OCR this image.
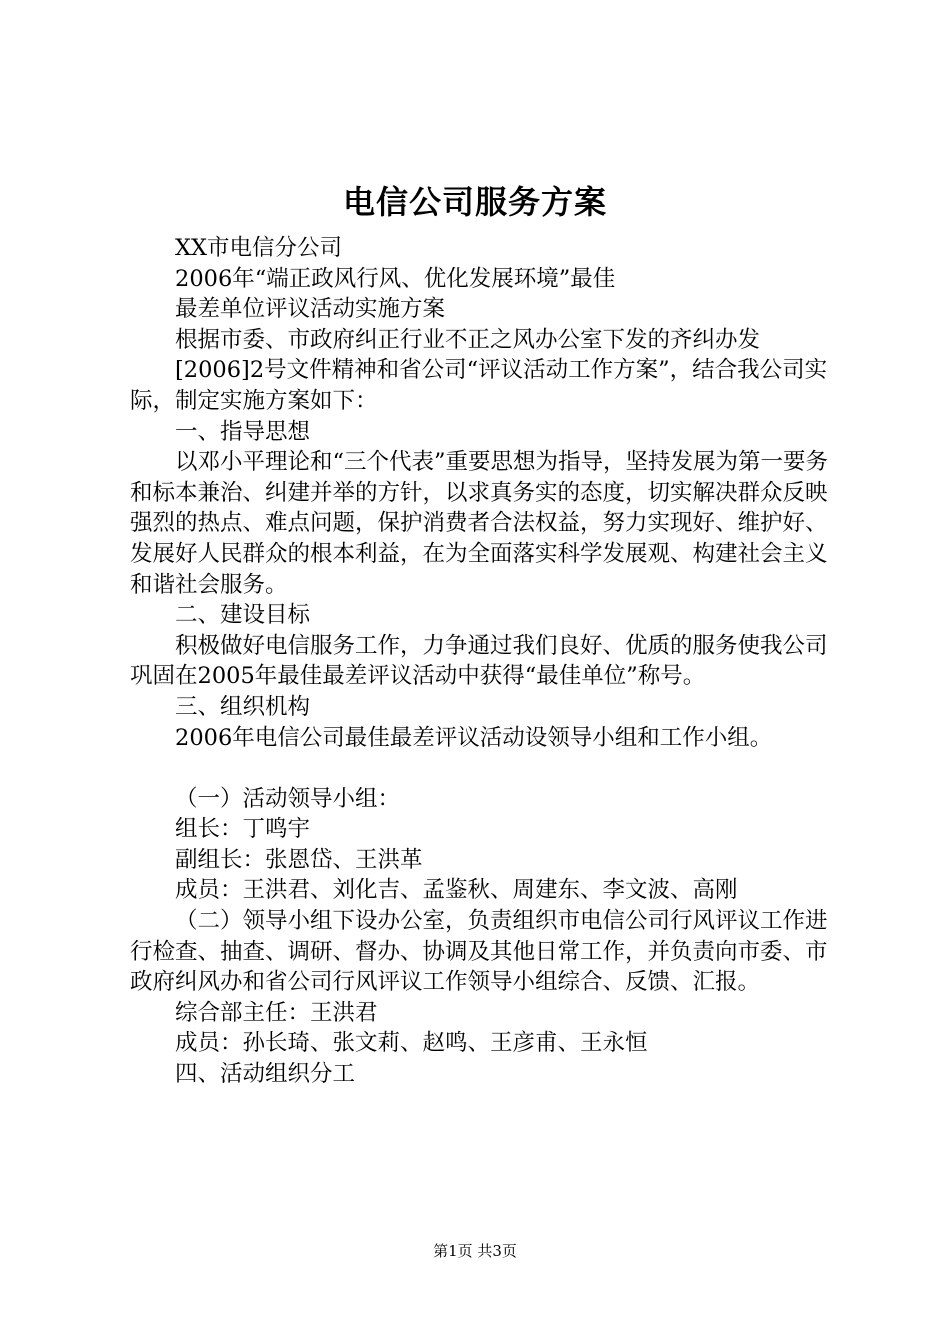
电信公司服务方案

XX市电信分公司

2006年“端正政风行风、优化发展环境”最佳

最差单位评议活动实施方案

根据市委、市政府纠正行业不正之风办公室下发的齐纠办发

[2006]2号文件精神和省公司“评议活动工作方案”，结合我公司实际，制定实施方案如下：

一、指导思想

以邓小平理论和“三个代表”重要思想为指导，坚持发展为第一要务和标本兼治、纠建并举的方针，以求真务实的态度，切实解决群众反映强烈的热点、难点问题，保护消费者合法权益，努力实现好、维护好、发展好人民群众的根本利益，在为全面落实科学发展观、构建社会主义和谐社会服务。

二、建设目标

积极做好电信服务工作，力争通过我们良好、优质的服务使我公司巩固在2005年最佳最差评议活动中获得“最佳单位”称号。

三、组织机构

2006年电信公司最佳最差评议活动设领导小组和工作小组。

（一）活动领导小组：

组长：丁鸣宇

副组长：张恩岱、王洪革

成员：王洪君、刘化吉、孟鉴秋、周建东、李文波、高刚

（二）领导小组下设办公室，负责组织市电信公司行风评议工作进行检查、抽查、调研、督办、协调及其他日常工作，并负责向市委、市政府纠风办和省公司行风评议工作领导小组综合、反馈、汇报。

综合部主任：王洪君

成员：孙长琦、张文莉、赵鸣、王彦甫、王永恒

四、活动组织分工

第1页 共3页
